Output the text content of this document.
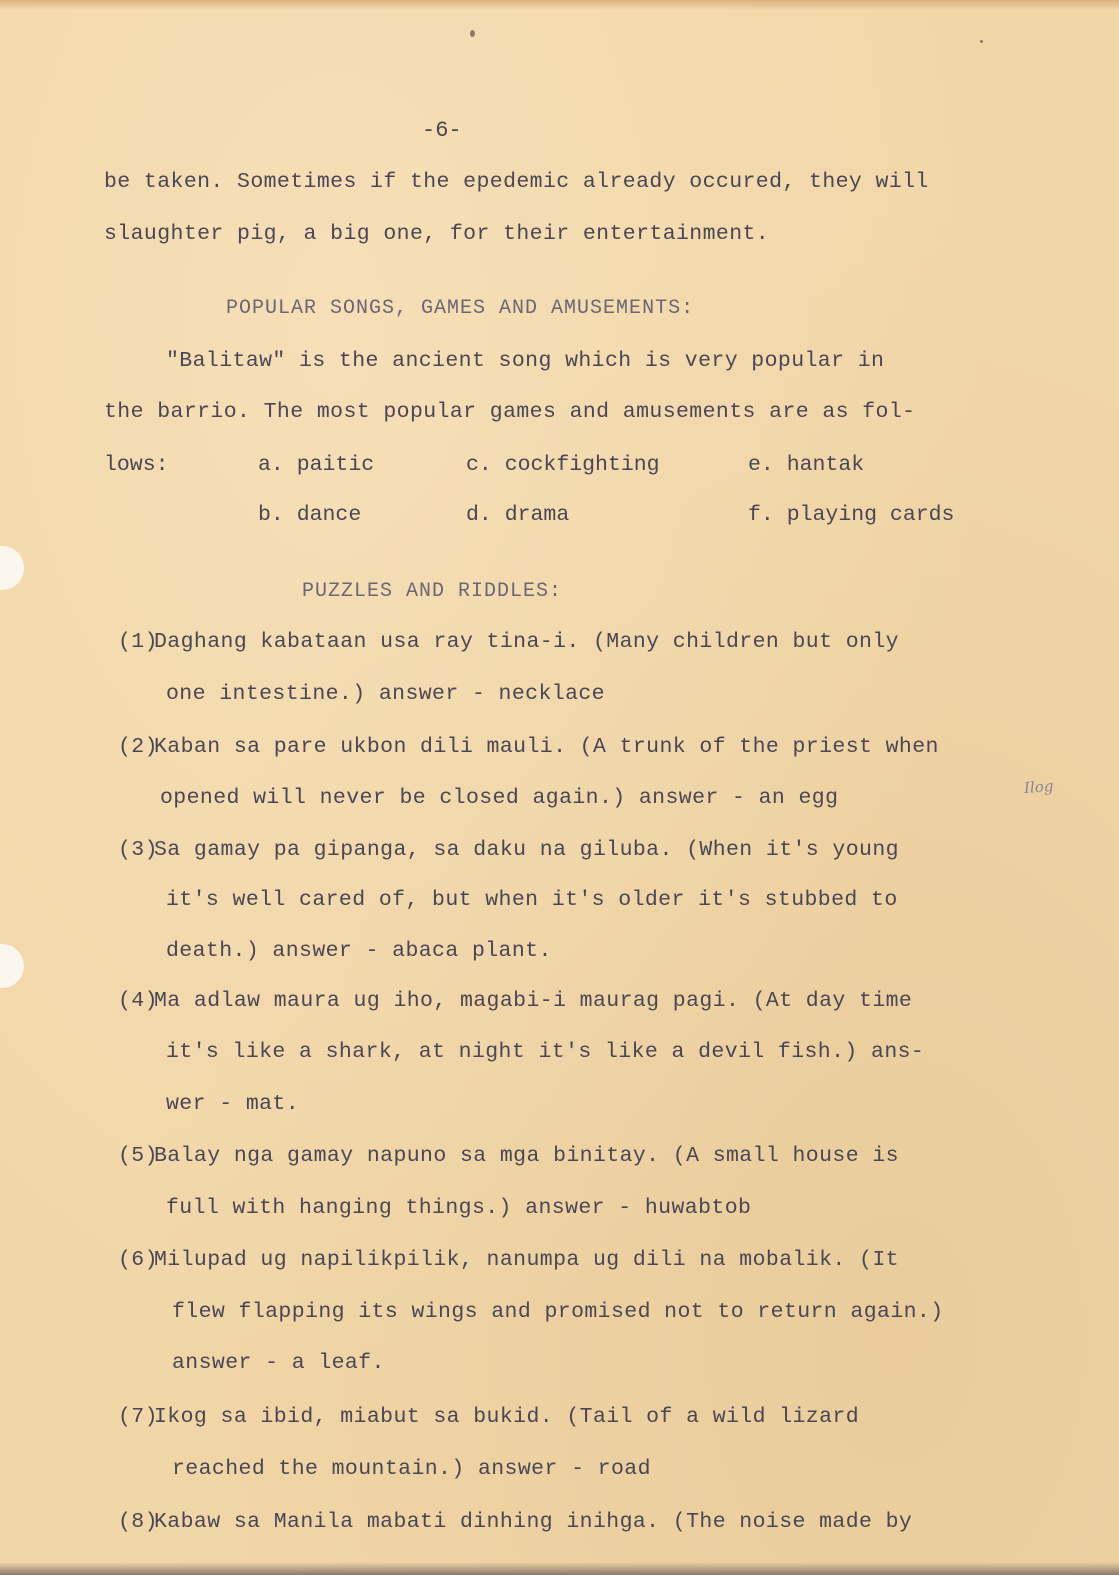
-6-
be taken. Sometimes if the epedemic already occured, they will
slaughter pig, a big one, for their entertainment.
POPULAR SONGS, GAMES AND AMUSEMENTS:
"Balitaw" is the ancient song which is very popular in
the barrio. The most popular games and amusements are as fol-
lows:	a. paitic	c. cockfighting	e. hantak
b. dance	d. drama	f. playing cards
PUZZLES AND RIDDLES:
(1)Daghang kabataan usa ray tina-i. (Many children but only
one intestine.) answer - necklace
(2)Kaban sa pare ukbon dili mauli. (A trunk of the priest when
opened will never be closed again.) answer - an egg	Ilog
(3)Sa gamay pa gipanga, sa daku na giluba. (When it's young
it's well cared of, but when it's older it's stubbed to
death.) answer - abaca plant.
(4)Ma adlaw maura ug iho, magabi-i maurag pagi. (At day time
it's like a shark, at night it's like a devil fish.) ans-
wer - mat.
(5)Balay nga gamay napuno sa mga binitay. (A small house is
full with hanging things.) answer - huwabtob
(6)Milupad ug napilikpilik, nanumpa ug dili na mobalik. (It
flew flapping its wings and promised not to return again.)
answer - a leaf.
(7)Ikog sa ibid, miabut sa bukid. (Tail of a wild lizard
reached the mountain.) answer - road
(8)Kabaw sa Manila mabati dinhing inihga. (The noise made by
